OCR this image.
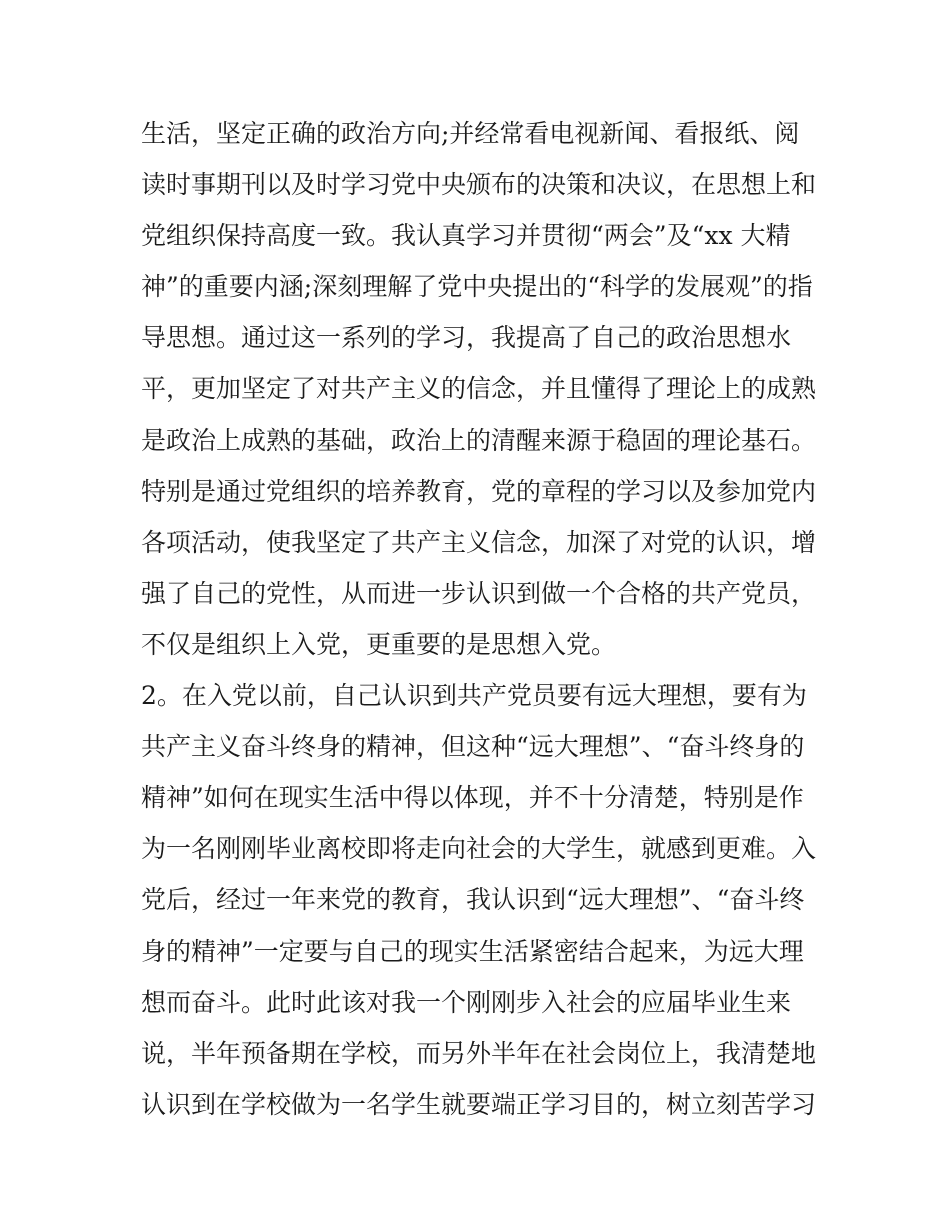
生活，坚定正确的政治方向;并经常看电视新闻、看报纸、阅
读时事期刊以及时学习党中央颁布的决策和决议，在思想上和
党组织保持高度一致。我认真学习并贯彻“两会”及“xx 大精
神”的重要内涵;深刻理解了党中央提出的“科学的发展观”的指
导思想。通过这一系列的学习，我提高了自己的政治思想水
平，更加坚定了对共产主义的信念，并且懂得了理论上的成熟
是政治上成熟的基础，政治上的清醒来源于稳固的理论基石。
特别是通过党组织的培养教育，党的章程的学习以及参加党内
各项活动，使我坚定了共产主义信念，加深了对党的认识，增
强了自己的党性，从而进一步认识到做一个合格的共产党员，
不仅是组织上入党，更重要的是思想入党。
2。在入党以前，自己认识到共产党员要有远大理想，要有为
共产主义奋斗终身的精神，但这种“远大理想”、“奋斗终身的
精神”如何在现实生活中得以体现，并不十分清楚，特别是作
为一名刚刚毕业离校即将走向社会的大学生，就感到更难。入
党后，经过一年来党的教育，我认识到“远大理想”、“奋斗终
身的精神”一定要与自己的现实生活紧密结合起来，为远大理
想而奋斗。此时此该对我一个刚刚步入社会的应届毕业生来
说，半年预备期在学校，而另外半年在社会岗位上，我清楚地
认识到在学校做为一名学生就要端正学习目的，树立刻苦学习
